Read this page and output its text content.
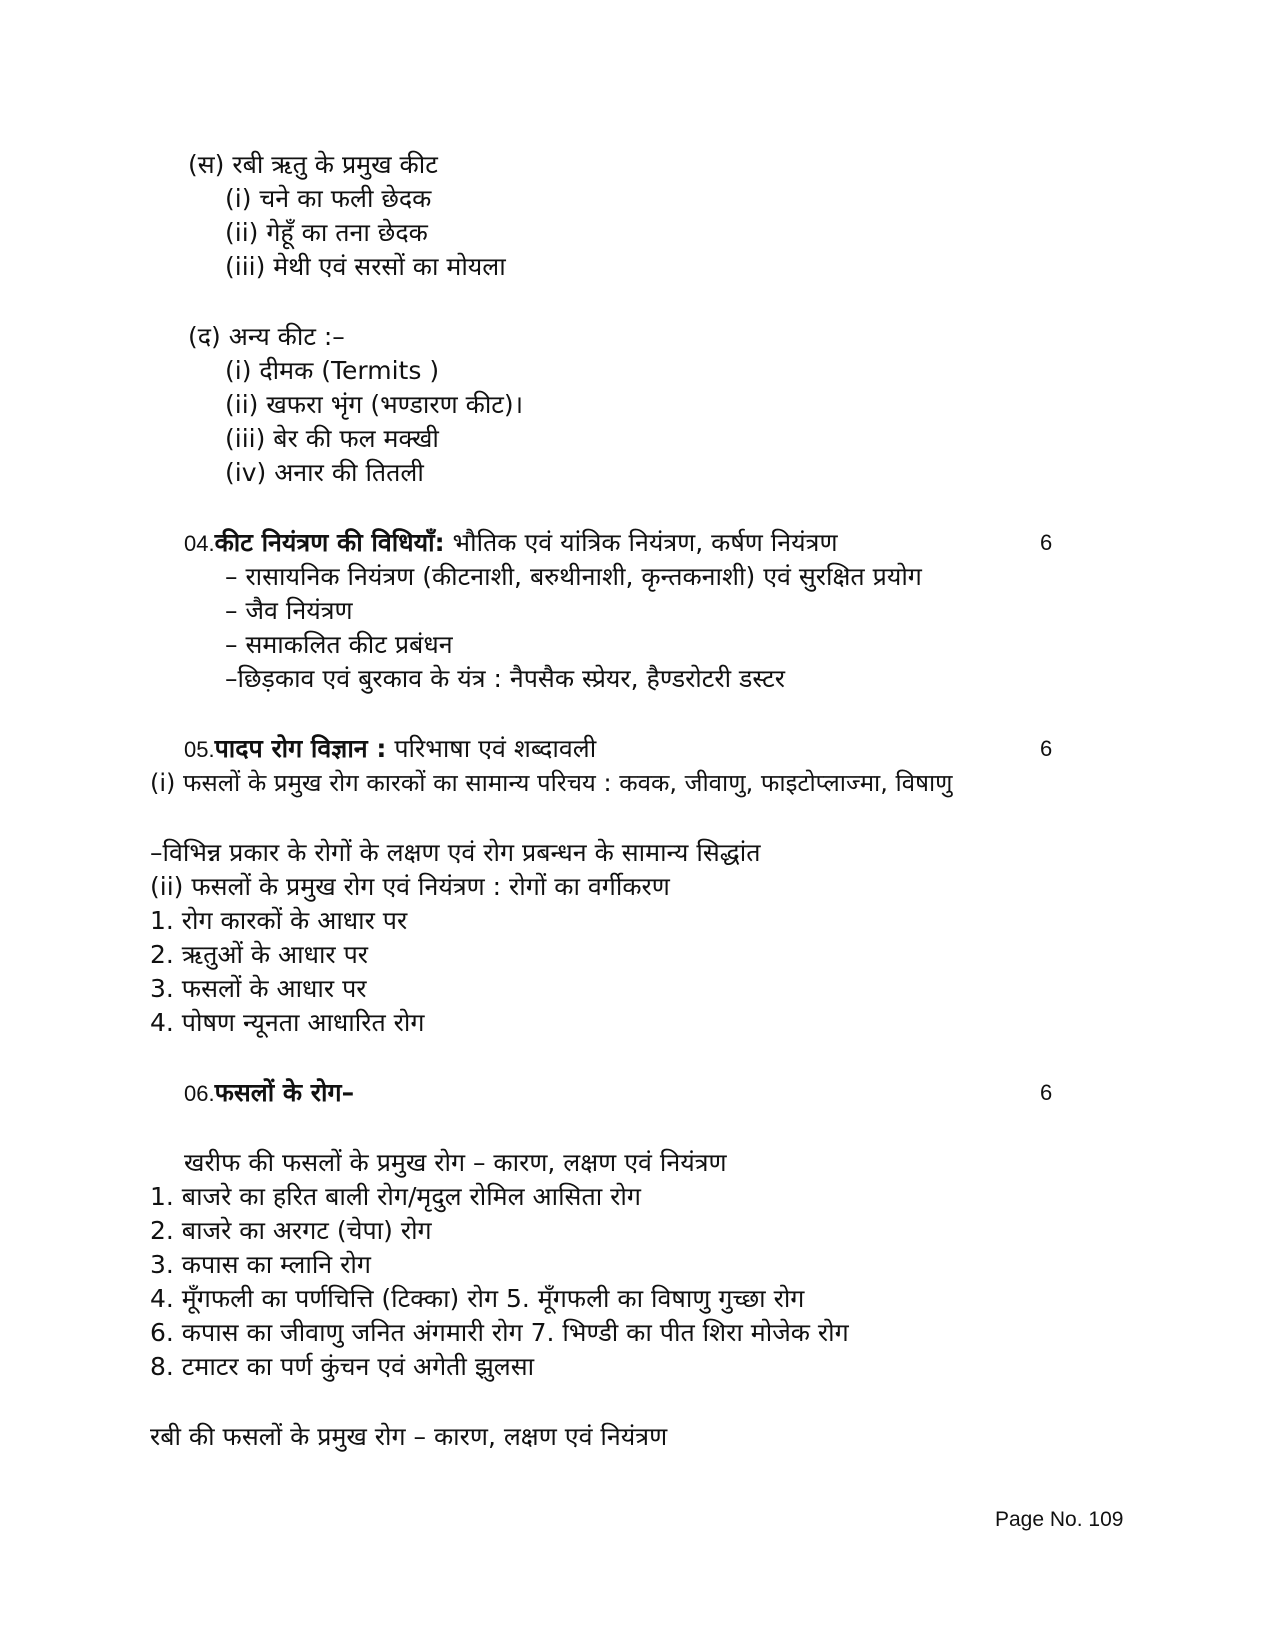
(स) रबी ऋतु के प्रमुख कीट
(i) चने का फली छेदक
(ii) गेहूँ का तना छेदक
(iii) मेथी एवं सरसों का मोयला
(द) अन्य कीट :–
(i) दीमक (Termits )
(ii) खफरा भृंग (भण्डारण कीट)।
(iii) बेर की फल मक्खी
(iv) अनार की तितली
04.कीट नियंत्रण की विधियाँ: भौतिक एवं यांत्रिक नियंत्रण, कर्षण नियंत्रण	6
– रासायनिक नियंत्रण (कीटनाशी, बरुथीनाशी, कृन्तकनाशी) एवं सुरक्षित प्रयोग
– जैव नियंत्रण
– समाकलित कीट प्रबंधन
–छिड़काव एवं बुरकाव के यंत्र : नैपसैक स्प्रेयर, हैण्डरोटरी डस्टर
05.पादप रोग विज्ञान : परिभाषा एवं शब्दावली	6
(i) फसलों के प्रमुख रोग कारकों का सामान्य परिचय : कवक, जीवाणु, फाइटोप्लाज्मा, विषाणु
–विभिन्न प्रकार के रोगों के लक्षण एवं रोग प्रबन्धन के सामान्य सिद्धांत
(ii) फसलों के प्रमुख रोग एवं नियंत्रण : रोगों का वर्गीकरण
1. रोग कारकों के आधार पर
2. ऋतुओं के आधार पर
3. फसलों के आधार पर
4. पोषण न्यूनता आधारित रोग
06.फसलों के रोग–	6
खरीफ की फसलों के प्रमुख रोग – कारण, लक्षण एवं नियंत्रण
1. बाजरे का हरित बाली रोग/मृदुल रोमिल आसिता रोग
2. बाजरे का अरगट (चेपा) रोग
3. कपास का म्लानि रोग
4. मूँगफली का पर्णचित्ति (टिक्का) रोग 5. मूँगफली का विषाणु गुच्छा रोग
6. कपास का जीवाणु जनित अंगमारी रोग 7. भिण्डी का पीत शिरा मोजेक रोग
8. टमाटर का पर्ण कुंचन एवं अगेती झुलसा
रबी की फसलों के प्रमुख रोग – कारण, लक्षण एवं नियंत्रण
Page No. 109
